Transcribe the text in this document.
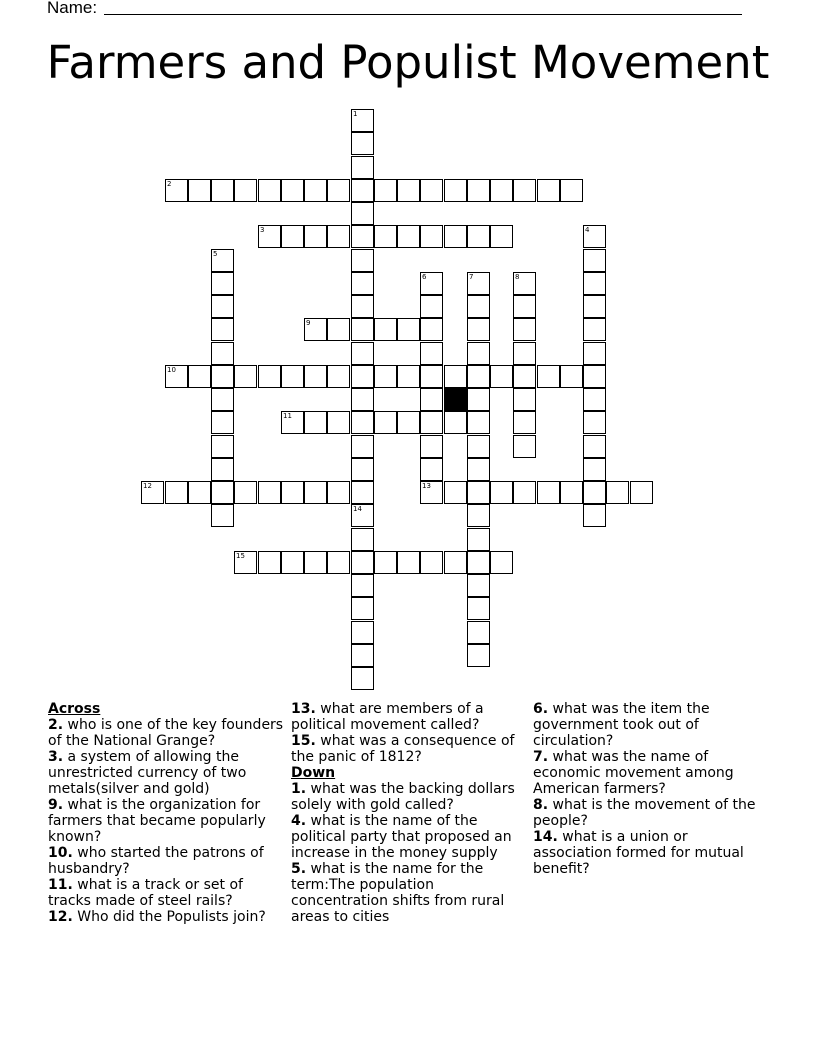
Name:
Farmers and Populist Movement
1
14
2
3	4
5
6	7	8
9
10
11
12	13
15
Across
2. who is one of the key founders of the National Grange?
3. a system of allowing the unrestricted currency of two metals(silver and gold)
9. what is the organization for farmers that became popularly known?
10. who started the patrons of husbandry?
11. what is a track or set of tracks made of steel rails?
12. Who did the Populists join?
13. what are members of a political movement called?
15. what was a consequence of the panic of 1812?
Down
1. what was the backing dollars solely with gold called?
4. what is the name of the political party that proposed an increase in the money supply
5. what is the name for the term:The population concentration shifts from rural areas to cities
6. what was the item the government took out of circulation?
7. what was the name of economic movement among American farmers?
8. what is the movement of the people?
14. what is a union or association formed for mutual benefit?
